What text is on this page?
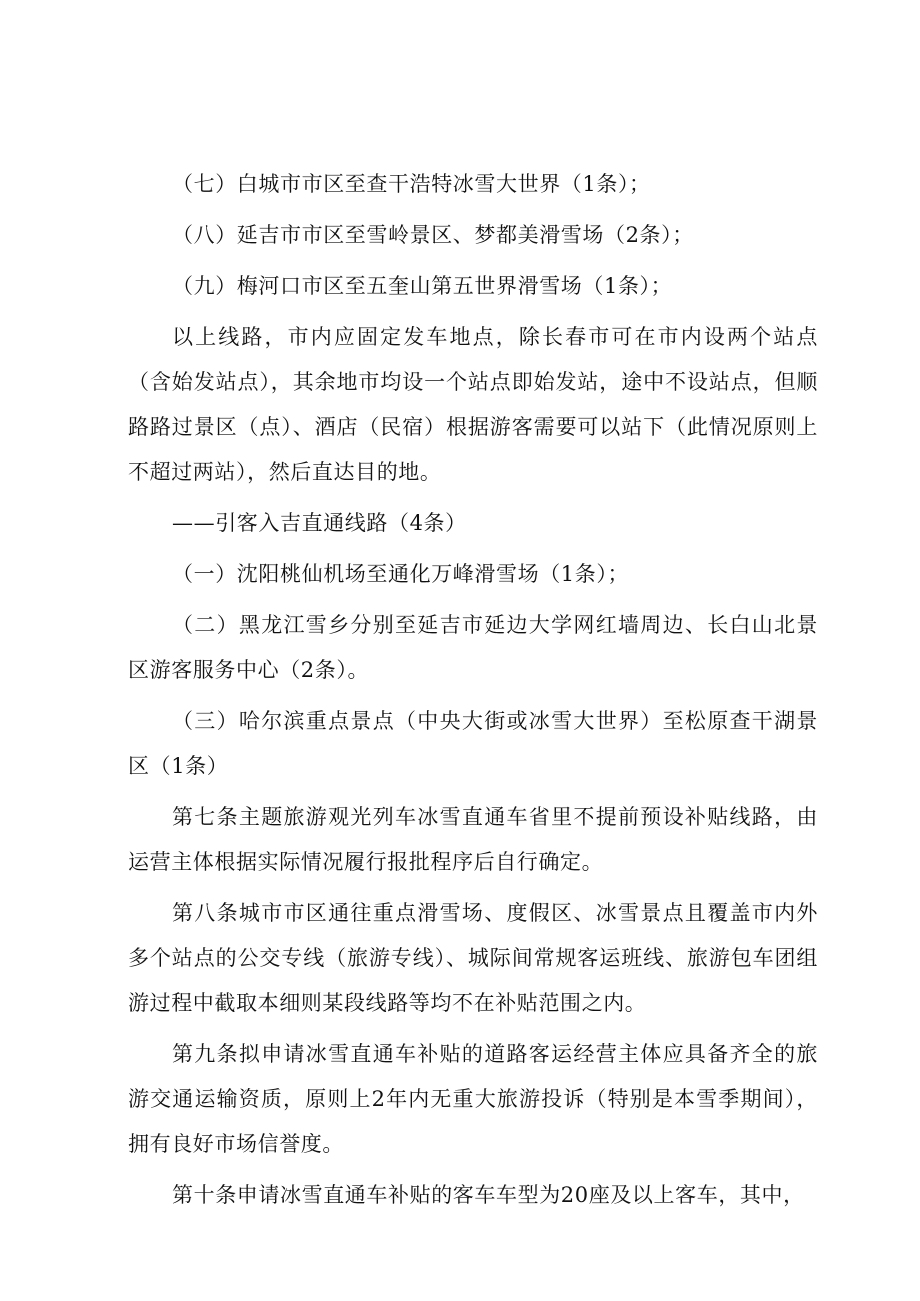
（七）白城市市区至查干浩特冰雪大世界（1条）；

（八）延吉市市区至雪岭景区、梦都美滑雪场（2条）；

（九）梅河口市区至五奎山第五世界滑雪场（1条）；

以上线路，市内应固定发车地点，除长春市可在市内设两个站点（含始发站点），其余地市均设一个站点即始发站，途中不设站点，但顺路路过景区（点）、酒店（民宿）根据游客需要可以站下（此情况原则上不超过两站），然后直达目的地。

——引客入吉直通线路（4条）

（一）沈阳桃仙机场至通化万峰滑雪场（1条）；

（二）黑龙江雪乡分别至延吉市延边大学网红墙周边、长白山北景区游客服务中心（2条）。

（三）哈尔滨重点景点（中央大街或冰雪大世界）至松原查干湖景区（1条）

第七条主题旅游观光列车冰雪直通车省里不提前预设补贴线路，由运营主体根据实际情况履行报批程序后自行确定。

第八条城市市区通往重点滑雪场、度假区、冰雪景点且覆盖市内外多个站点的公交专线（旅游专线）、城际间常规客运班线、旅游包车团组游过程中截取本细则某段线路等均不在补贴范围之内。

第九条拟申请冰雪直通车补贴的道路客运经营主体应具备齐全的旅游交通运输资质，原则上2年内无重大旅游投诉（特别是本雪季期间），拥有良好市场信誉度。

第十条申请冰雪直通车补贴的客车车型为20座及以上客车，其中，
